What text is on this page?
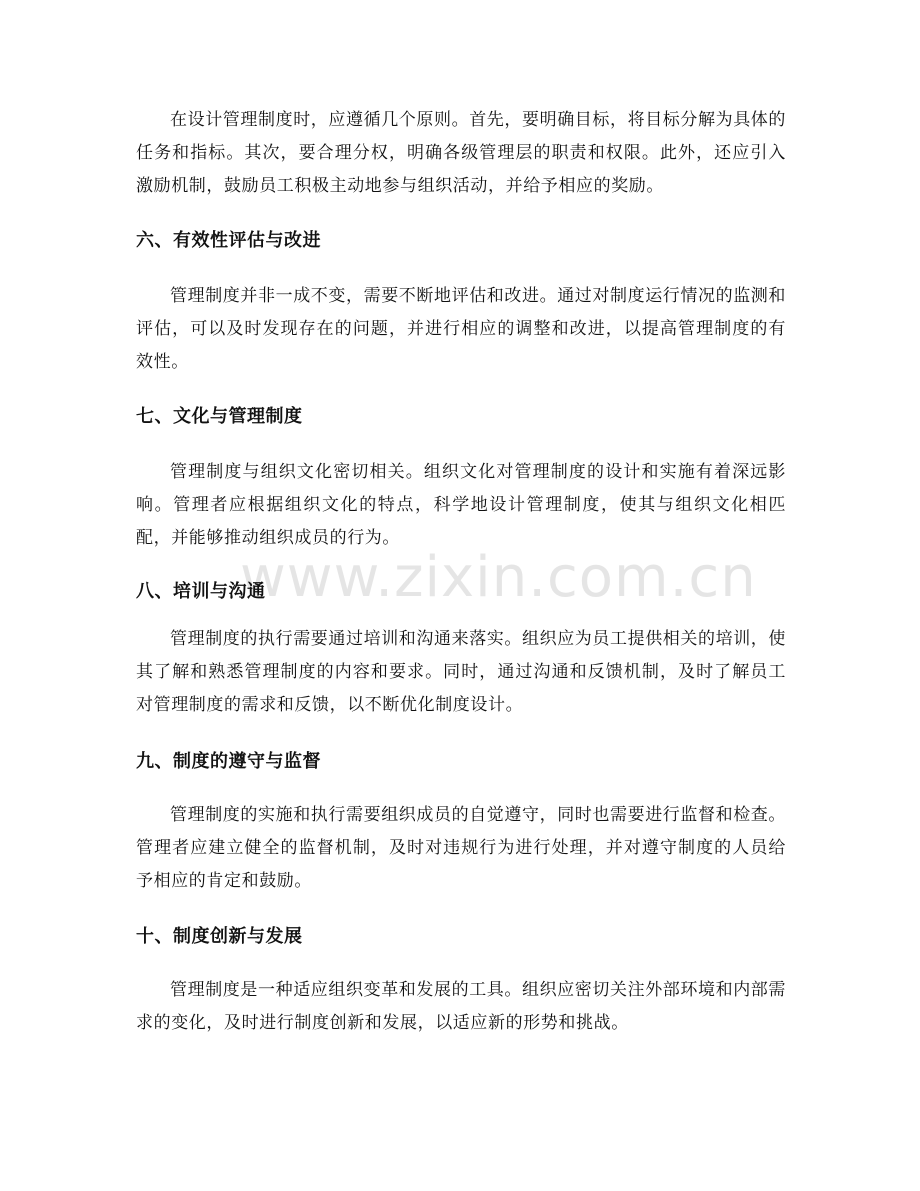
www.zixin.com.cn

在设计管理制度时，应遵循几个原则。首先，要明确目标，将目标分解为具体的任务和指标。其次，要合理分权，明确各级管理层的职责和权限。此外，还应引入激励机制，鼓励员工积极主动地参与组织活动，并给予相应的奖励。

六、有效性评估与改进

管理制度并非一成不变，需要不断地评估和改进。通过对制度运行情况的监测和评估，可以及时发现存在的问题，并进行相应的调整和改进，以提高管理制度的有效性。

七、文化与管理制度

管理制度与组织文化密切相关。组织文化对管理制度的设计和实施有着深远影响。管理者应根据组织文化的特点，科学地设计管理制度，使其与组织文化相匹配，并能够推动组织成员的行为。

八、培训与沟通

管理制度的执行需要通过培训和沟通来落实。组织应为员工提供相关的培训，使其了解和熟悉管理制度的内容和要求。同时，通过沟通和反馈机制，及时了解员工对管理制度的需求和反馈，以不断优化制度设计。

九、制度的遵守与监督

管理制度的实施和执行需要组织成员的自觉遵守，同时也需要进行监督和检查。管理者应建立健全的监督机制，及时对违规行为进行处理，并对遵守制度的人员给予相应的肯定和鼓励。

十、制度创新与发展

管理制度是一种适应组织变革和发展的工具。组织应密切关注外部环境和内部需求的变化，及时进行制度创新和发展，以适应新的形势和挑战。
